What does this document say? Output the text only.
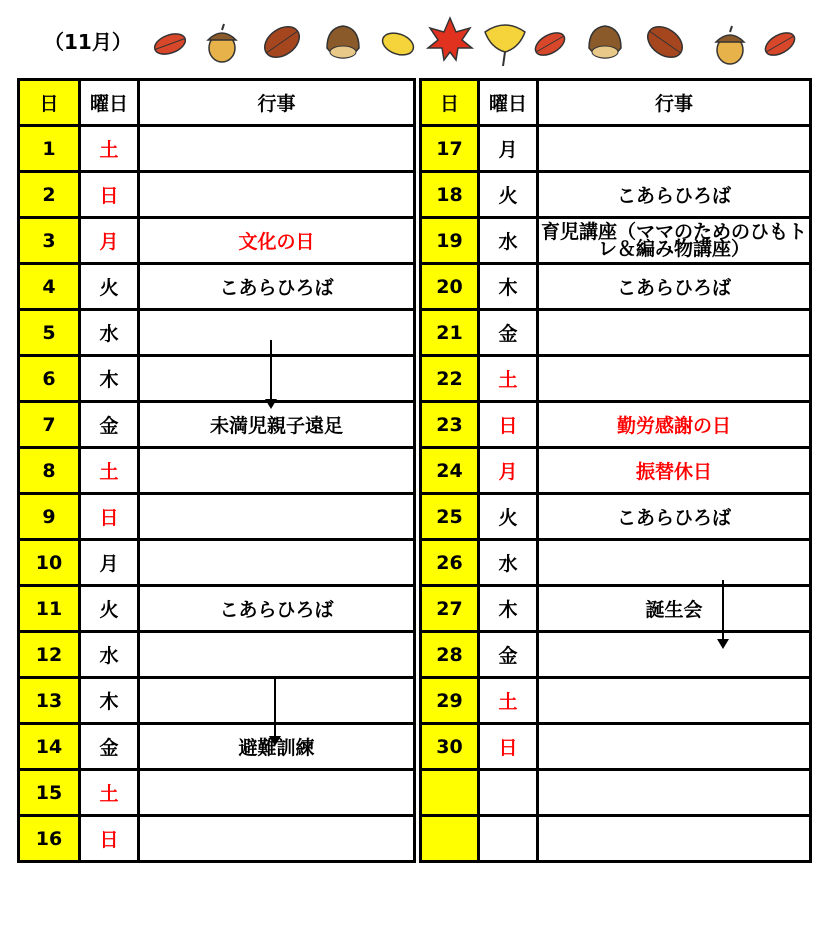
（11月）
日	曜日	行事		日	曜日	行事
1	土			17	月	
2	日			18	火	こあらひろば
3	月	文化の日		19	水	育児講座（ママのためのひもトレ＆編み物講座）
4	火	こあらひろば		20	木	こあらひろば
5	水			21	金	
6	木			22	土	
7	金	未満児親子遠足		23	日	勤労感謝の日
8	土			24	月	振替休日
9	日			25	火	こあらひろば
10	月			26	水	
11	火	こあらひろば		27	木	誕生会
12	水			28	金	
13	木			29	土	
14	金	避難訓練		30	日	
15	土					
16	日					
